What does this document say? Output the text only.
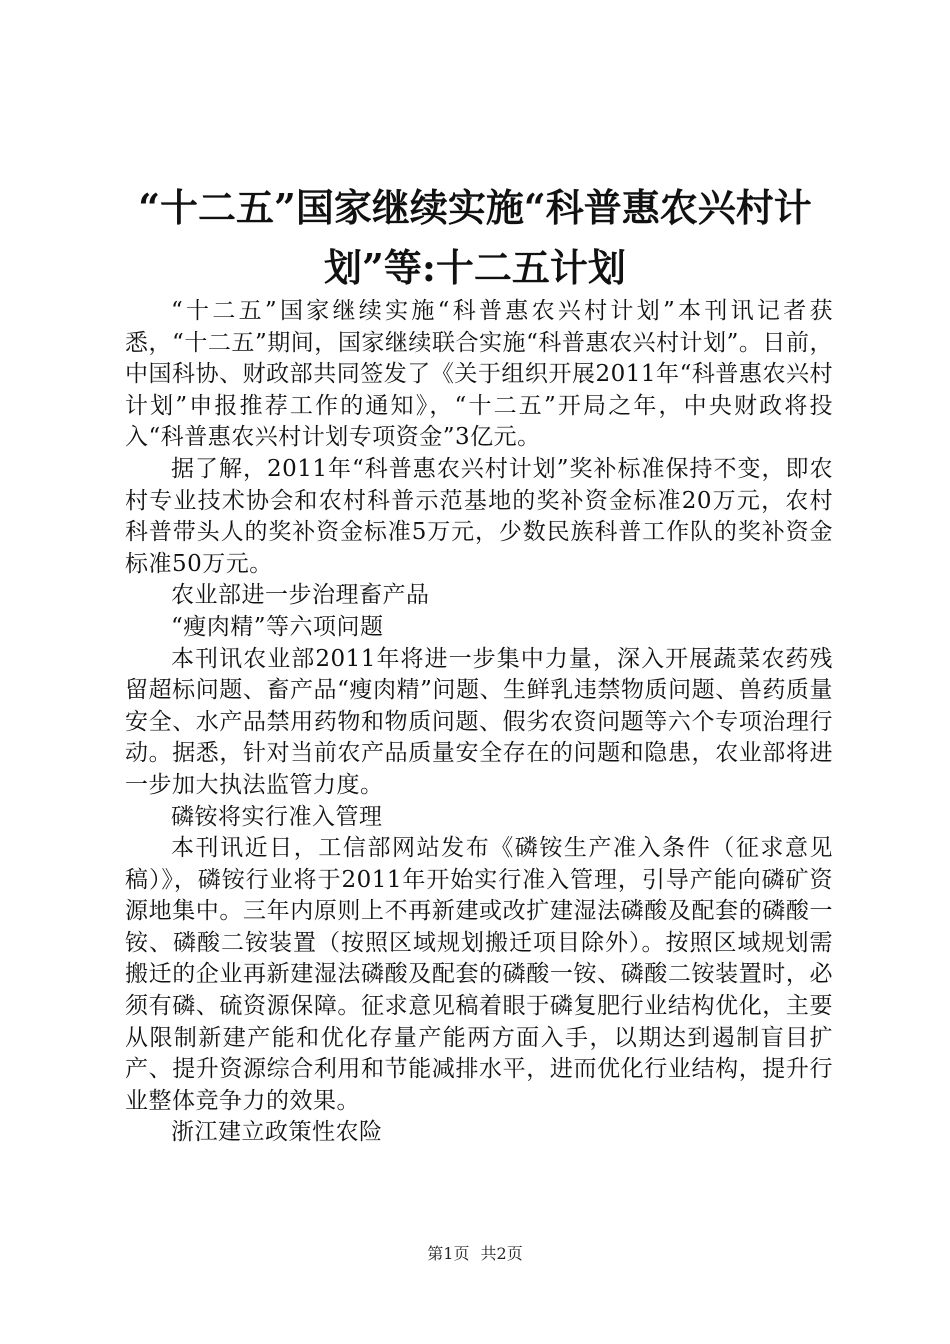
“十二五”国家继续实施“科普惠农兴村计划”等:十二五计划

“十二五”国家继续实施“科普惠农兴村计划”本刊讯记者获悉，“十二五”期间，国家继续联合实施“科普惠农兴村计划”。日前，中国科协、财政部共同签发了《关于组织开展2011年“科普惠农兴村计划”申报推荐工作的通知》，“十二五”开局之年，中央财政将投入“科普惠农兴村计划专项资金”3亿元。

据了解，2011年“科普惠农兴村计划”奖补标准保持不变，即农村专业技术协会和农村科普示范基地的奖补资金标准20万元，农村科普带头人的奖补资金标准5万元，少数民族科普工作队的奖补资金标准50万元。

农业部进一步治理畜产品

“瘦肉精”等六项问题

本刊讯农业部2011年将进一步集中力量，深入开展蔬菜农药残留超标问题、畜产品“瘦肉精”问题、生鲜乳违禁物质问题、兽药质量安全、水产品禁用药物和物质问题、假劣农资问题等六个专项治理行动。据悉，针对当前农产品质量安全存在的问题和隐患，农业部将进一步加大执法监管力度。

磷铵将实行准入管理

本刊讯近日，工信部网站发布《磷铵生产准入条件（征求意见稿）》，磷铵行业将于2011年开始实行准入管理，引导产能向磷矿资源地集中。三年内原则上不再新建或改扩建湿法磷酸及配套的磷酸一铵、磷酸二铵装置（按照区域规划搬迁项目除外）。按照区域规划需搬迁的企业再新建湿法磷酸及配套的磷酸一铵、磷酸二铵装置时，必须有磷、硫资源保障。征求意见稿着眼于磷复肥行业结构优化，主要从限制新建产能和优化存量产能两方面入手，以期达到遏制盲目扩产、提升资源综合利用和节能减排水平，进而优化行业结构，提升行业整体竞争力的效果。

浙江建立政策性农险

第1页 共2页
